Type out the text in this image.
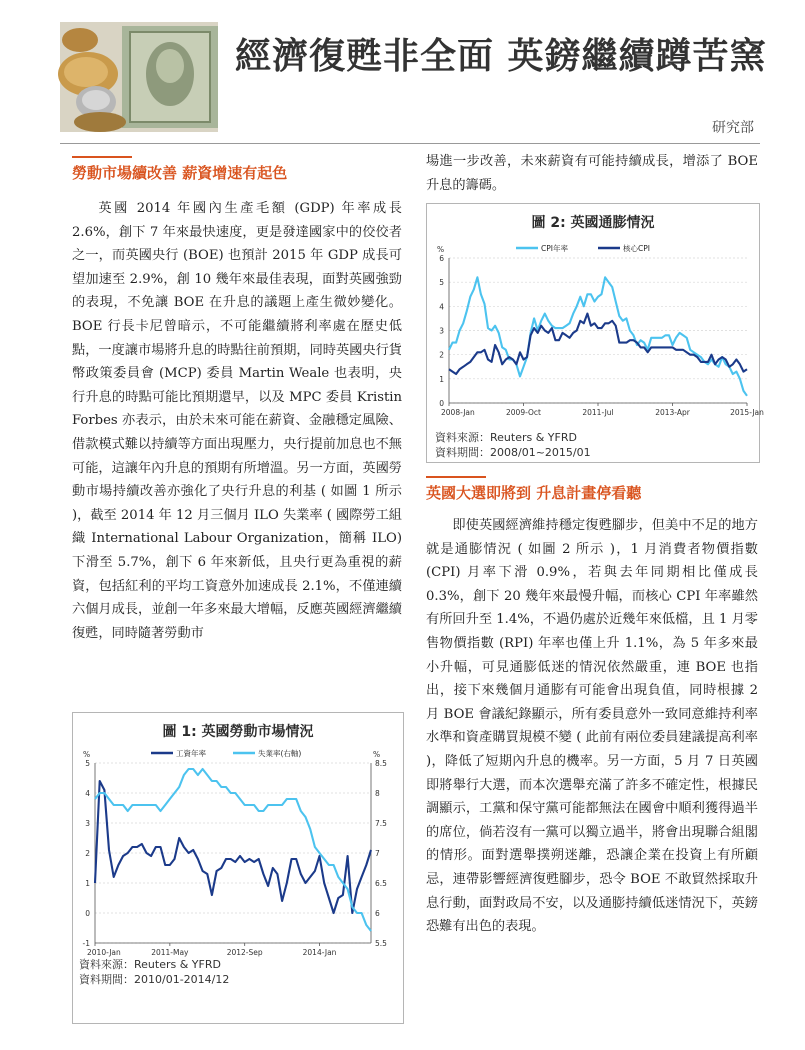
經濟復甦非全面 英鎊繼續蹲苦窯
研究部
勞動市場續改善 薪資增速有起色
英國 2014 年國內生產毛額 (GDP) 年率成長 2.6%，創下 7 年來最快速度，更是發達國家中的佼佼者之一，而英國央行 (BOE) 也預計 2015 年 GDP 成長可望加速至 2.9%，創 10 幾年來最佳表現，面對英國強勁的表現，不免讓 BOE 在升息的議題上產生微妙變化。BOE 行長卡尼曾暗示，不可能繼續將利率處在歷史低點，一度讓市場將升息的時點往前預期，同時英國央行貨幣政策委員會 (MCP) 委員 Martin Weale 也表明，央行升息的時點可能比預期還早，以及 MPC 委員 Kristin Forbes 亦表示，由於未來可能在薪資、金融穩定風險、借款模式難以持續等方面出現壓力，央行提前加息也不無可能，這讓年內升息的預期有所增溫。另一方面，英國勞動市場持續改善亦強化了央行升息的利基 ( 如圖 1 所示 )，截至 2014 年 12 月三個月 ILO 失業率 ( 國際勞工組織 International Labour Organization，簡稱 ILO) 下滑至 5.7%，創下 6 年來新低，且央行更為重視的薪資，包括紅利的平均工資意外加速成長 2.1%，不僅連續六個月成長，並創一年多來最大增幅，反應英國經濟繼續復甦，同時隨著勞動市
圖 1: 英國勞動市場情況
-1
0
1
2
3
4
5
5.5
6
6.5
7
7.5
8
8.5
%	%
2010-Jan	2011-May	2012-Sep	2014-Jan
工資年率	失業率(右軸)
資料來源：Reuters & YFRD
資料期間：2010/01-2014/12
場進一步改善，未來薪資有可能持續成長，增添了 BOE 升息的籌碼。
圖 2: 英國通膨情況
0
1
2
3
4
5
6
%
2008-Jan	2009-Oct	2011-Jul	2013-Apr	2015-Jan
CPI年率	核心CPI
資料來源：Reuters & YFRD
資料期間：2008/01~2015/01
英國大選即將到 升息計畫停看聽
即使英國經濟維持穩定復甦腳步，但美中不足的地方就是通膨情況 ( 如圖 2 所示 )，1 月消費者物價指數 (CPI) 月率下滑 0.9%，若與去年同期相比僅成長 0.3%，創下 20 幾年來最慢升幅，而核心 CPI 年率雖然有所回升至 1.4%，不過仍處於近幾年來低檔，且 1 月零售物價指數 (RPI) 年率也僅上升 1.1%，為 5 年多來最小升幅，可見通膨低迷的情況依然嚴重，連 BOE 也指出，接下來幾個月通膨有可能會出現負值，同時根據 2 月 BOE 會議紀錄顯示，所有委員意外一致同意維持利率水準和資產購買規模不變 ( 此前有兩位委員建議提高利率 )，降低了短期內升息的機率。另一方面，5 月 7 日英國即將舉行大選，而本次選舉充滿了許多不確定性，根據民調顯示，工黨和保守黨可能都無法在國會中順利獲得過半的席位，倘若沒有一黨可以獨立過半，將會出現聯合組閣的情形。面對選舉撲朔迷離，恐讓企業在投資上有所顧忌，連帶影響經濟復甦腳步，恐令 BOE 不敢貿然採取升息行動，面對政局不安，以及通膨持續低迷情況下，英鎊恐難有出色的表現。
